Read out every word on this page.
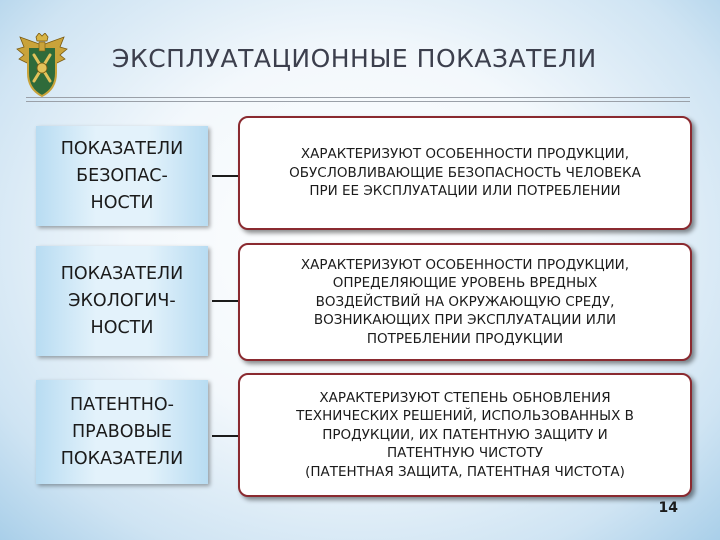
ЭКСПЛУАТАЦИОННЫЕ ПОКАЗАТЕЛИ
ПОКАЗАТЕЛИ
БЕЗОПАС-
НОСТИ
ХАРАКТЕРИЗУЮТ ОСОБЕННОСТИ ПРОДУКЦИИ,
ОБУСЛОВЛИВАЮЩИЕ БЕЗОПАСНОСТЬ ЧЕЛОВЕКА
ПРИ ЕЕ ЭКСПЛУАТАЦИИ ИЛИ ПОТРЕБЛЕНИИ
ПОКАЗАТЕЛИ
ЭКОЛОГИЧ-
НОСТИ
ХАРАКТЕРИЗУЮТ ОСОБЕННОСТИ ПРОДУКЦИИ,
ОПРЕДЕЛЯЮЩИЕ УРОВЕНЬ ВРЕДНЫХ
ВОЗДЕЙСТВИЙ НА ОКРУЖАЮЩУЮ СРЕДУ,
ВОЗНИКАЮЩИХ ПРИ ЭКСПЛУАТАЦИИ ИЛИ
ПОТРЕБЛЕНИИ ПРОДУКЦИИ
ПАТЕНТНО-
ПРАВОВЫЕ
ПОКАЗАТЕЛИ
ХАРАКТЕРИЗУЮТ СТЕПЕНЬ ОБНОВЛЕНИЯ
ТЕХНИЧЕСКИХ РЕШЕНИЙ, ИСПОЛЬЗОВАННЫХ В
ПРОДУКЦИИ, ИХ ПАТЕНТНУЮ ЗАЩИТУ И
ПАТЕНТНУЮ ЧИСТОТУ
(ПАТЕНТНАЯ ЗАЩИТА, ПАТЕНТНАЯ ЧИСТОТА)
14
